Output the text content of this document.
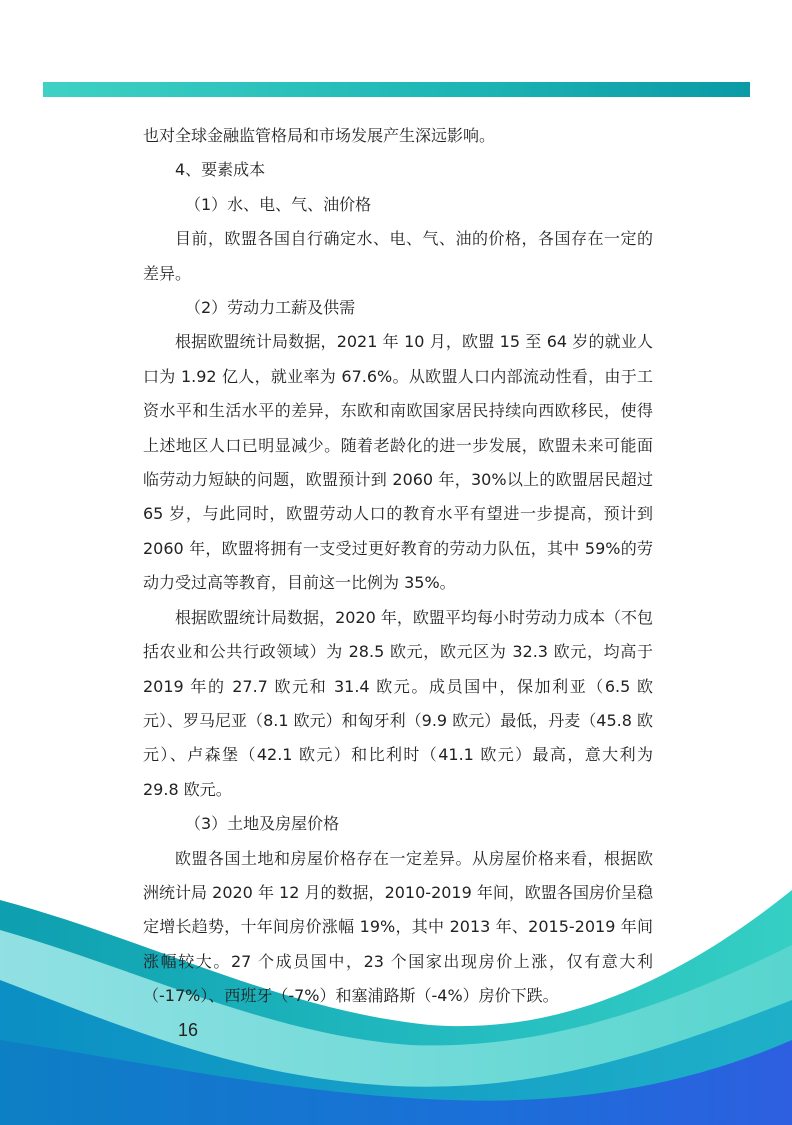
也对全球金融监管格局和市场发展产生深远影响。

4、要素成本

（1）水、电、气、油价格

目前，欧盟各国自行确定水、电、气、油的价格，各国存在一定的差异。

（2）劳动力工薪及供需

根据欧盟统计局数据，2021 年 10 月，欧盟 15 至 64 岁的就业人口为 1.92 亿人，就业率为 67.6%。从欧盟人口内部流动性看，由于工资水平和生活水平的差异，东欧和南欧国家居民持续向西欧移民，使得上述地区人口已明显减少。随着老龄化的进一步发展，欧盟未来可能面临劳动力短缺的问题，欧盟预计到 2060 年，30%以上的欧盟居民超过 65 岁，与此同时，欧盟劳动人口的教育水平有望进一步提高，预计到 2060 年，欧盟将拥有一支受过更好教育的劳动力队伍，其中 59%的劳动力受过高等教育，目前这一比例为 35%。

根据欧盟统计局数据，2020 年，欧盟平均每小时劳动力成本（不包括农业和公共行政领域）为 28.5 欧元，欧元区为 32.3 欧元，均高于 2019 年的 27.7 欧元和 31.4 欧元。成员国中，保加利亚（6.5 欧元）、罗马尼亚（8.1 欧元）和匈牙利（9.9 欧元）最低，丹麦（45.8 欧元）、卢森堡（42.1 欧元）和比利时（41.1 欧元）最高，意大利为 29.8 欧元。

（3）土地及房屋价格

欧盟各国土地和房屋价格存在一定差异。从房屋价格来看，根据欧洲统计局 2020 年 12 月的数据，2010-2019 年间，欧盟各国房价呈稳定增长趋势，十年间房价涨幅 19%，其中 2013 年、2015-2019 年间涨幅较大。27 个成员国中，23 个国家出现房价上涨，仅有意大利（-17%）、西班牙（-7%）和塞浦路斯（-4%）房价下跌。

16
